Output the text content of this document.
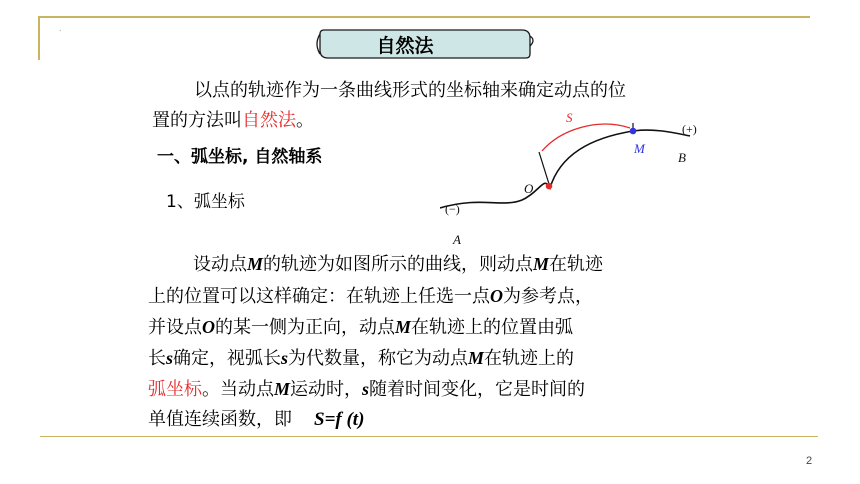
.
自然法
以点的轨迹作为一条曲线形式的坐标轴来确定动点的位
置的方法叫自然法。
一、弧坐标, 自然轴系
1、弧坐标
S
M
O
A
B
(+)
(−)
设动点M的轨迹为如图所示的曲线，则动点M在轨迹
上的位置可以这样确定：在轨迹上任选一点O为参考点，
并设点O的某一侧为正向，动点M在轨迹上的位置由弧
长s确定，视弧长s为代数量，称它为动点M在轨迹上的
弧坐标。当动点M运动时，s随着时间变化，它是时间的
单值连续函数，即 S=f (t)
2
